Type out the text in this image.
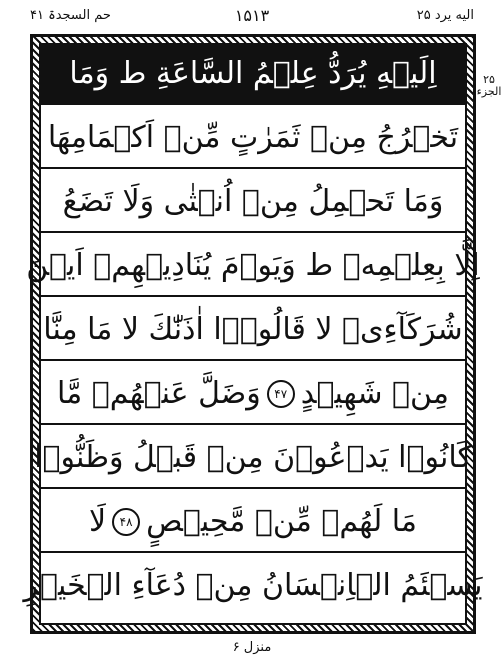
حم السجدۃ ۴۱	۱۵۱۳	الیه یرد ۲۵
۲۵ الجزء
اِلَیۡهِ یُرَدُّ عِلۡمُ السَّاعَةِ ط وَمَا
تَخۡرُجُ مِنۡ ثَمَرٰتٍ مِّنۡ اَکۡمَامِهَا
وَمَا تَحۡمِلُ مِنۡ اُنۡثٰی وَلَا تَضَعُ
اِلَّا بِعِلۡمِهٖ ط وَیَوۡمَ یُنَادِیۡهِمۡ اَیۡنَ
شُرَکَآءِیۡ لا قَالُوۡۤا اٰذَنّٰكَ لا مَا مِنَّا
مِنۡ شَهِیۡدٍ
۴۷
وَضَلَّ عَنۡهُمۡ مَّا
کَانُوۡا یَدۡعُوۡنَ مِنۡ قَبۡلُ وَظَنُّوۡا
مَا لَهُمۡ مِّنۡ مَّحِیۡصٍ
۴۸
لَا
یَسۡئَمُ الۡاِنۡسَانُ مِنۡ دُعَآءِ الۡخَیۡرِ
منزل ۶
